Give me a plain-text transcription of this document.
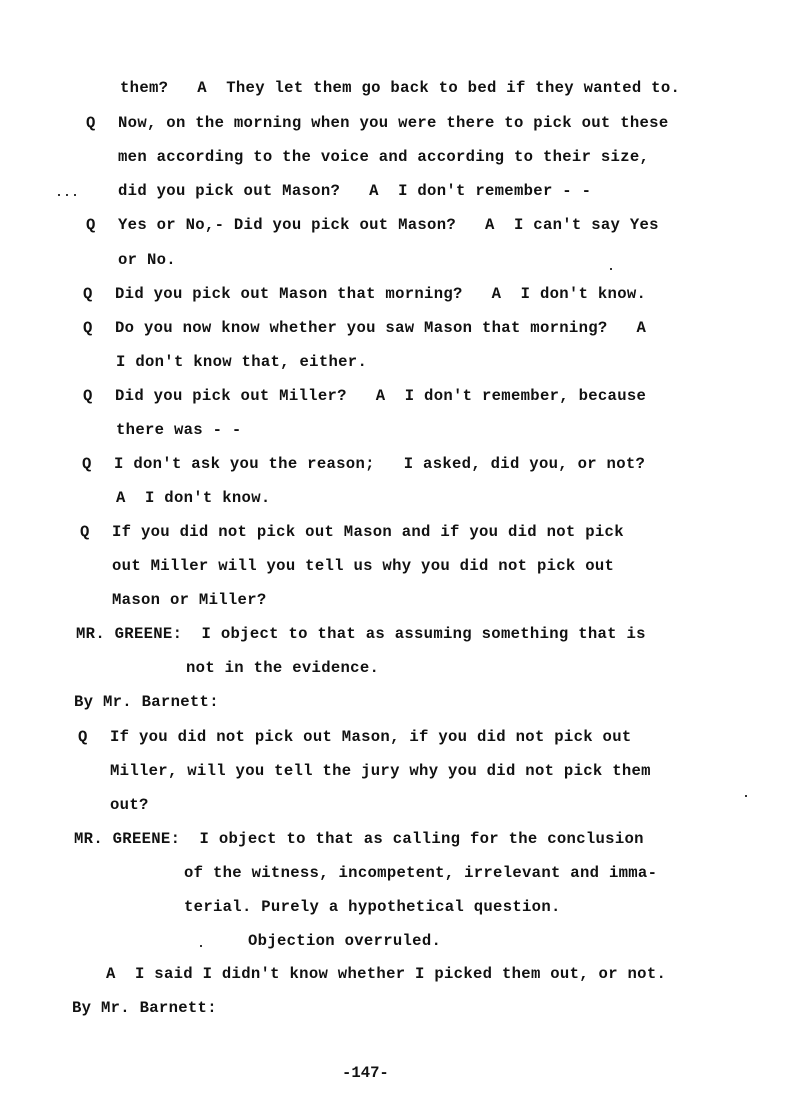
them?   A  They let them go back to bed if they wanted to.
Q Now, on the morning when you were there to pick out these
men according to the voice and according to their size,
did you pick out Mason?   A  I don't remember - -
Q Yes or No,- Did you pick out Mason?   A  I can't say Yes
or No.
Q Did you pick out Mason that morning?   A  I don't know.
Q Do you now know whether you saw Mason that morning?   A
I don't know that, either.
Q Did you pick out Miller?   A  I don't remember, because
there was - -
Q I don't ask you the reason;   I asked, did you, or not?
A  I don't know.
Q If you did not pick out Mason and if you did not pick
out Miller will you tell us why you did not pick out
Mason or Miller?
MR. GREENE:  I object to that as assuming something that is
not in the evidence.
By Mr. Barnett:
Q If you did not pick out Mason, if you did not pick out
Miller, will you tell the jury why you did not pick them
out?
MR. GREENE:  I object to that as calling for the conclusion
of the witness, incompetent, irrelevant and imma-
terial. Purely a hypothetical question.
Objection overruled.
A  I said I didn't know whether I picked them out, or not.
By Mr. Barnett:
-147-
